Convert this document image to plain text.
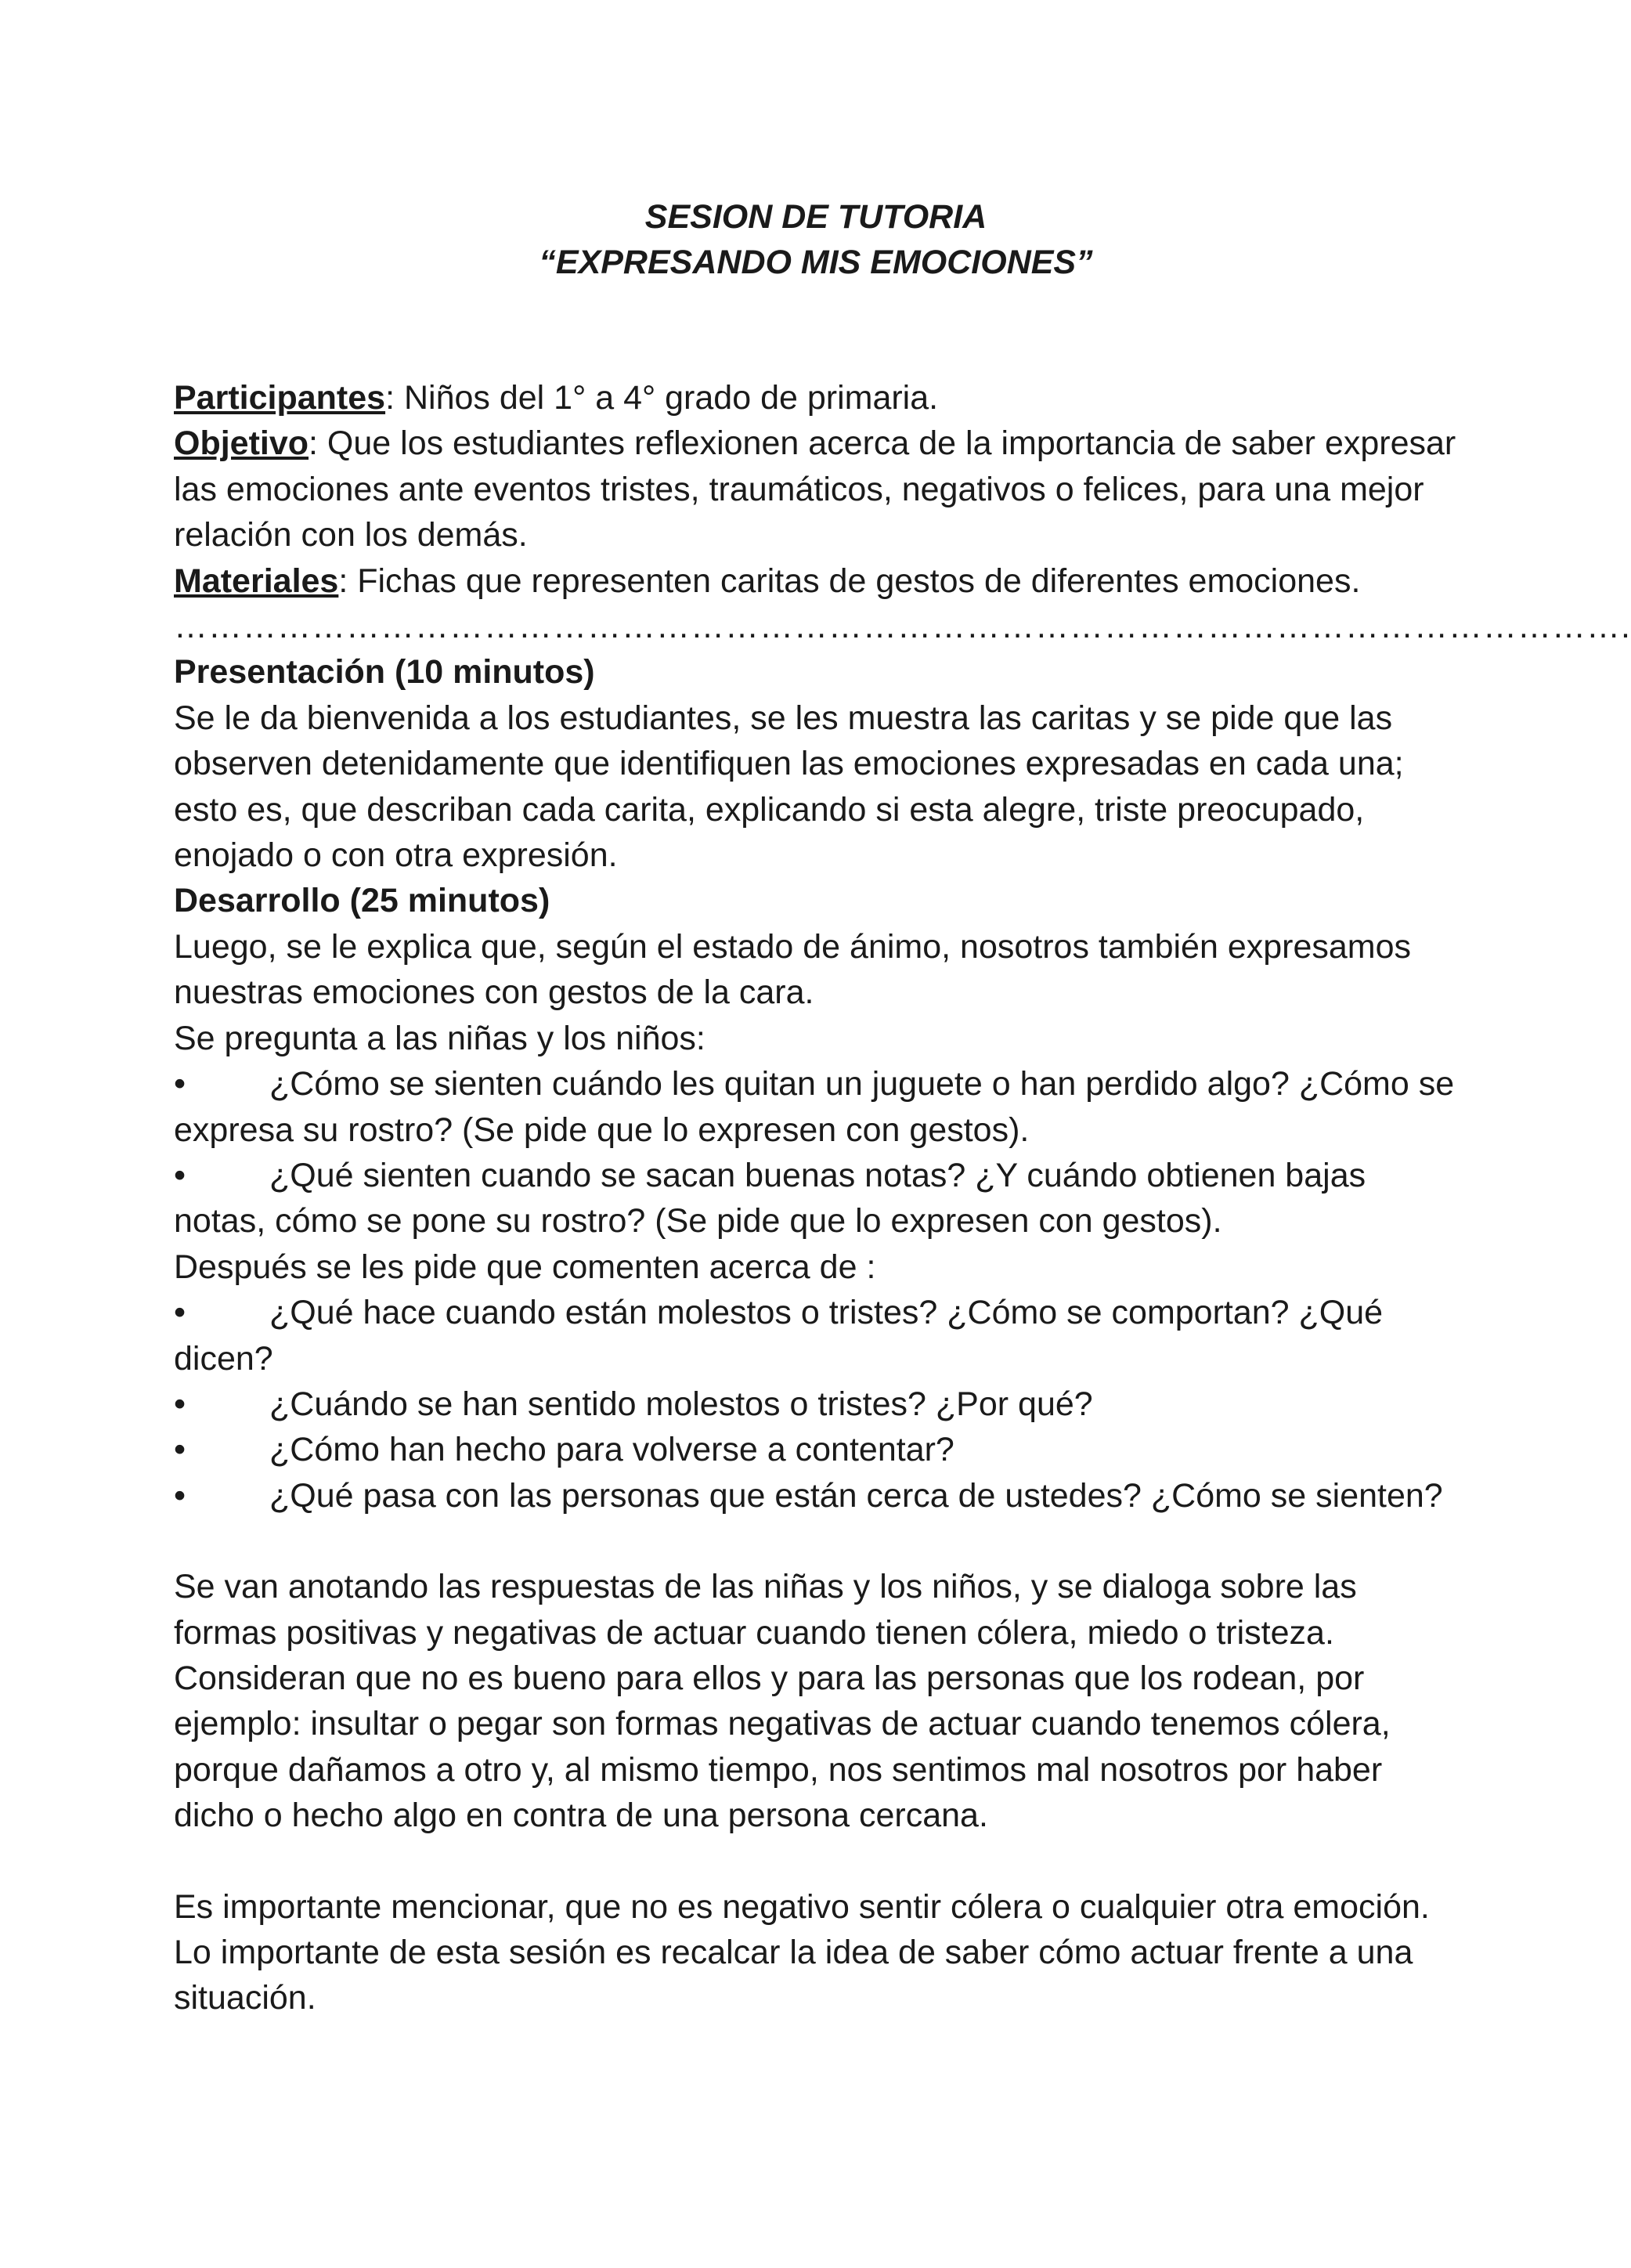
SESION DE TUTORIA
“EXPRESANDO MIS EMOCIONES”

Participantes: Niños del 1° a 4° grado de primaria.

Objetivo: Que los estudiantes reflexionen acerca de la importancia de saber expresar las emociones ante eventos tristes, traumáticos, negativos o felices, para una mejor relación con los demás.

Materiales: Fichas que representen caritas de gestos de diferentes emociones.

……………………………………………………………………………………………………………….
Presentación (10 minutos)

Se le da bienvenida a los estudiantes, se les muestra las caritas y se pide que las observen detenidamente que identifiquen las emociones expresadas en cada una; esto es, que describan cada carita, explicando si esta alegre, triste preocupado, enojado o con otra expresión.

Desarrollo (25 minutos)

Luego, se le explica que, según el estado de ánimo, nosotros también expresamos nuestras emociones con gestos de la cara.

Se pregunta a las niñas y los niños:

• ¿Cómo se sienten cuándo les quitan un juguete o han perdido algo? ¿Cómo se expresa su rostro? (Se pide que lo expresen con gestos).
• ¿Qué sienten cuando se sacan buenas notas? ¿Y cuándo obtienen bajas notas, cómo se pone su rostro? (Se pide que lo expresen con gestos).

Después se les pide que comenten acerca de :

• ¿Qué hace cuando están molestos o tristes? ¿Cómo se comportan? ¿Qué dicen?
• ¿Cuándo se han sentido molestos o tristes? ¿Por qué?
• ¿Cómo han hecho para volverse a contentar?
• ¿Qué pasa con las personas que están cerca de ustedes? ¿Cómo se sienten?

Se van anotando las respuestas de las niñas y los niños, y se dialoga sobre las formas positivas y negativas de actuar cuando tienen cólera, miedo o tristeza. Consideran que no es bueno para ellos y para las personas que los rodean, por ejemplo: insultar o pegar son formas negativas de actuar cuando tenemos cólera, porque dañamos a otro y, al mismo tiempo, nos sentimos mal nosotros por haber dicho o hecho algo en contra de una persona cercana.

Es importante mencionar, que no es negativo sentir cólera o cualquier otra emoción. Lo importante de esta sesión es recalcar la idea de saber cómo actuar frente a una situación.
